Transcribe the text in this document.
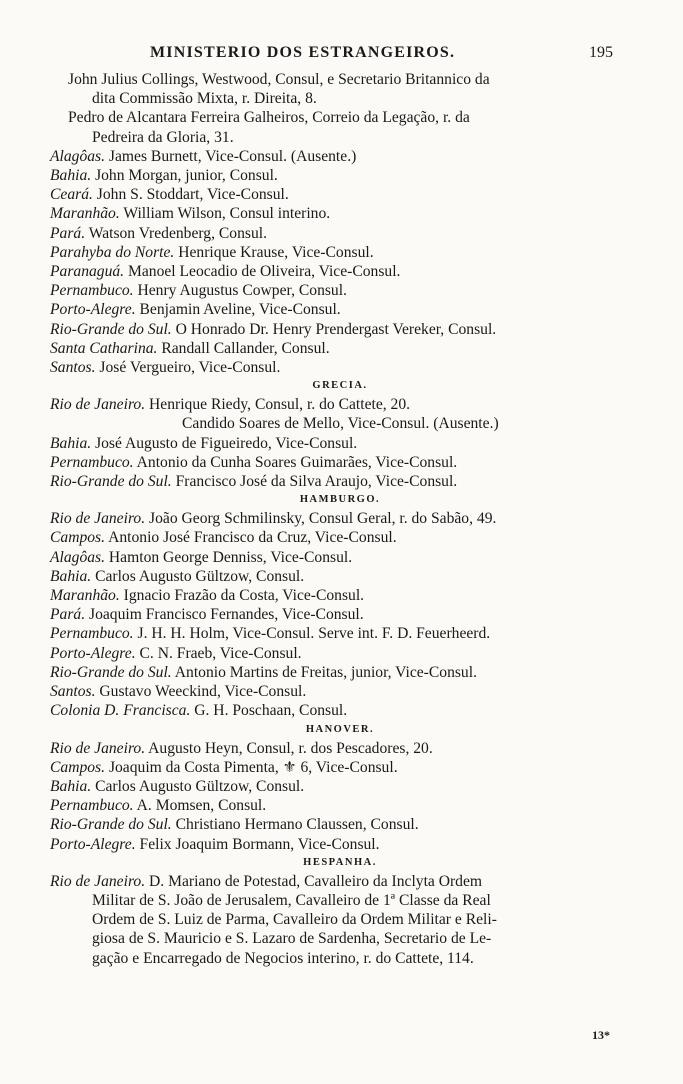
MINISTERIO DOS ESTRANGEIROS.	195
John Julius Collings, Westwood, Consul, e Secretario Britannico da
dita Commissão Mixta, r. Direita, 8.
Pedro de Alcantara Ferreira Galheiros, Correio da Legação, r. da
Pedreira da Gloria, 31.
Alagôas. James Burnett, Vice-Consul. (Ausente.)
Bahia. John Morgan, junior, Consul.
Ceará. John S. Stoddart, Vice-Consul.
Maranhão. William Wilson, Consul interino.
Pará. Watson Vredenberg, Consul.
Parahyba do Norte. Henrique Krause, Vice-Consul.
Paranaguá. Manoel Leocadio de Oliveira, Vice-Consul.
Pernambuco. Henry Augustus Cowper, Consul.
Porto-Alegre. Benjamin Aveline, Vice-Consul.
Rio-Grande do Sul. O Honrado Dr. Henry Prendergast Vereker, Consul.
Santa Catharina. Randall Callander, Consul.
Santos. José Vergueiro, Vice-Consul.
GRECIA.
Rio de Janeiro. Henrique Riedy, Consul, r. do Cattete, 20.
Candido Soares de Mello, Vice-Consul. (Ausente.)
Bahia. José Augusto de Figueiredo, Vice-Consul.
Pernambuco. Antonio da Cunha Soares Guimarães, Vice-Consul.
Rio-Grande do Sul. Francisco José da Silva Araujo, Vice-Consul.
HAMBURGO.
Rio de Janeiro. João Georg Schmilinsky, Consul Geral, r. do Sabão, 49.
Campos. Antonio José Francisco da Cruz, Vice-Consul.
Alagôas. Hamton George Denniss, Vice-Consul.
Bahia. Carlos Augusto Gültzow, Consul.
Maranhão. Ignacio Frazão da Costa, Vice-Consul.
Pará. Joaquim Francisco Fernandes, Vice-Consul.
Pernambuco. J. H. H. Holm, Vice-Consul. Serve int. F. D. Feuerheerd.
Porto-Alegre. C. N. Fraeb, Vice-Consul.
Rio-Grande do Sul. Antonio Martins de Freitas, junior, Vice-Consul.
Santos. Gustavo Weeckind, Vice-Consul.
Colonia D. Francisca. G. H. Poschaan, Consul.
HANOVER.
Rio de Janeiro. Augusto Heyn, Consul, r. dos Pescadores, 20.
Campos. Joaquim da Costa Pimenta, ⚜ 6, Vice-Consul.
Bahia. Carlos Augusto Gültzow, Consul.
Pernambuco. A. Momsen, Consul.
Rio-Grande do Sul. Christiano Hermano Claussen, Consul.
Porto-Alegre. Felix Joaquim Bormann, Vice-Consul.
HESPANHA.
Rio de Janeiro. D. Mariano de Potestad, Cavalleiro da Inclyta Ordem
Militar de S. João de Jerusalem, Cavalleiro de 1ª Classe da Real
Ordem de S. Luiz de Parma, Cavalleiro da Ordem Militar e Reli-
giosa de S. Mauricio e S. Lazaro de Sardenha, Secretario de Le-
gação e Encarregado de Negocios interino, r. do Cattete, 114.
13*
